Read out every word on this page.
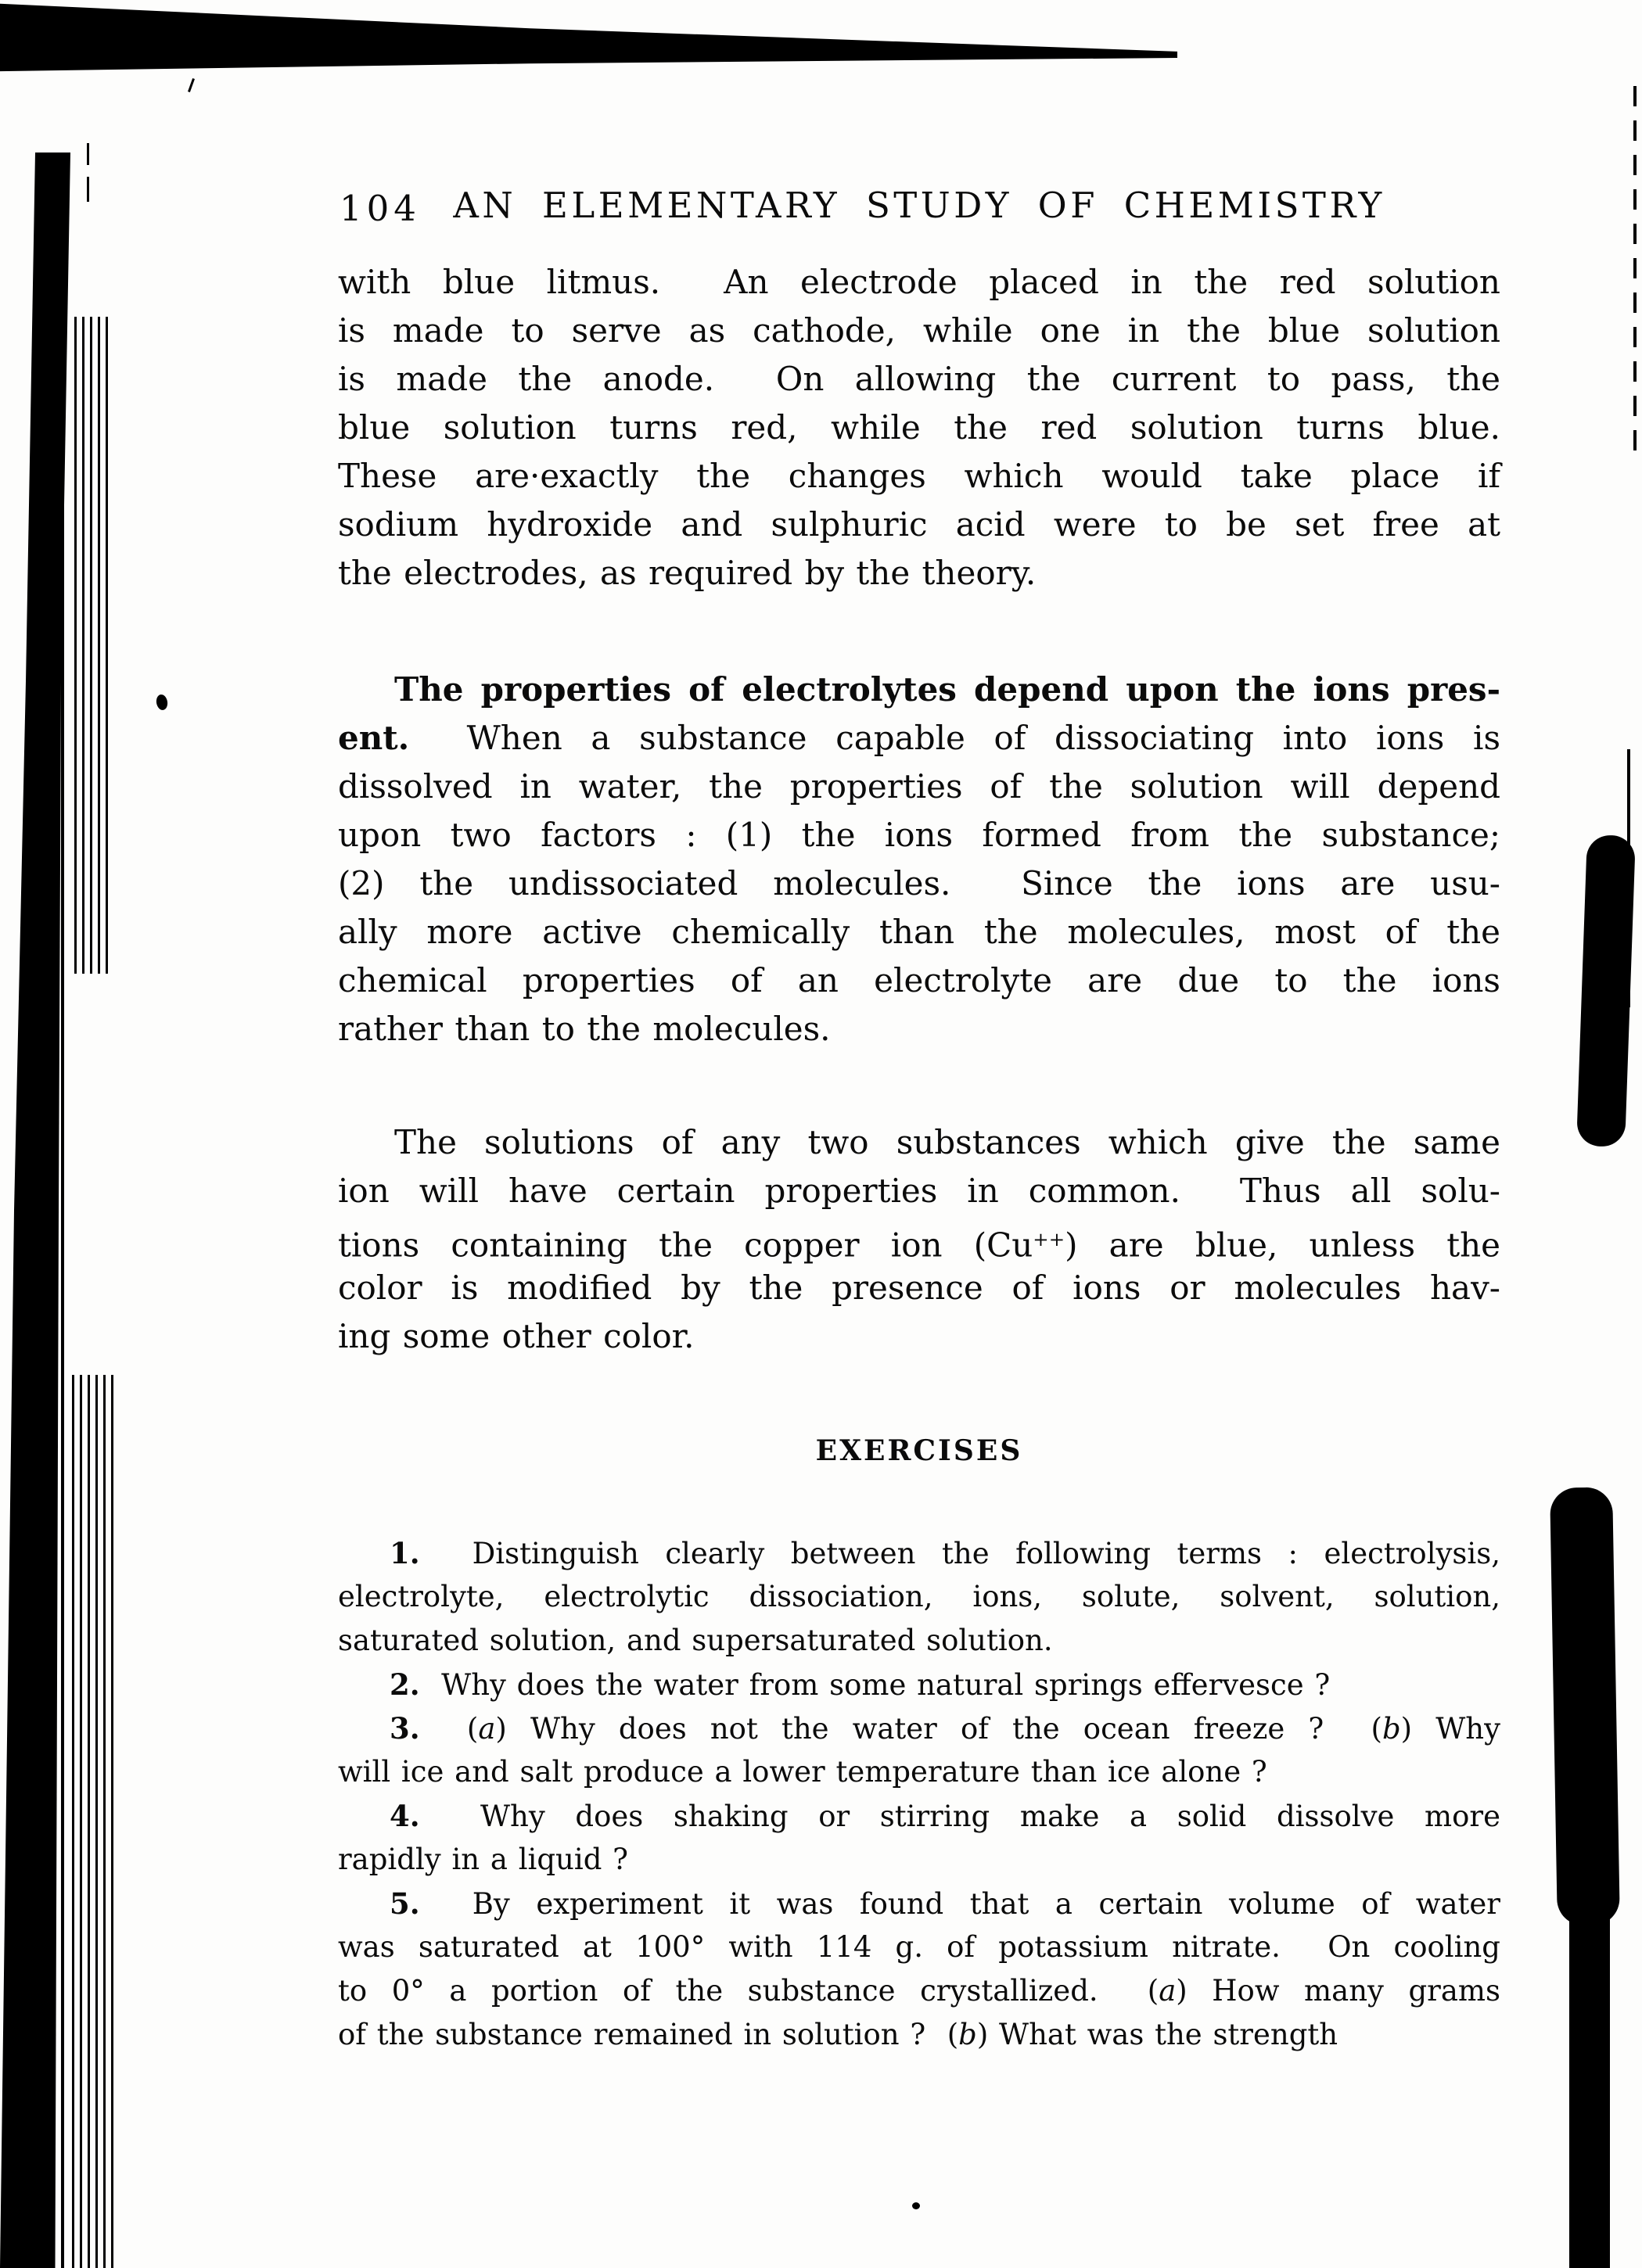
104 AN ELEMENTARY STUDY OF CHEMISTRY
with blue litmus.  An electrode placed in the red solution
is made to serve as cathode, while one in the blue solution
is made the anode.  On allowing the current to pass, the
blue solution turns red, while the red solution turns blue.
These are·exactly the changes which would take place if
sodium hydroxide and sulphuric acid were to be set free at
the electrodes, as required by the theory.
The properties of electrolytes depend upon the ions pres-
ent.  When a substance capable of dissociating into ions is
dissolved in water, the properties of the solution will depend
upon two factors : (1) the ions formed from the substance;
(2) the undissociated molecules.  Since the ions are usu-
ally more active chemically than the molecules, most of the
chemical properties of an electrolyte are due to the ions
rather than to the molecules.
The solutions of any two substances which give the same
ion will have certain properties in common.  Thus all solu-
tions containing the copper ion (Cu++) are blue, unless the
color is modified by the presence of ions or molecules hav-
ing some other color.
EXERCISES
1.  Distinguish clearly between the following terms : electrolysis,
electrolyte, electrolytic dissociation, ions, solute, solvent, solution,
saturated solution, and supersaturated solution.
2.  Why does the water from some natural springs effervesce ?
3.  (a) Why does not the water of the ocean freeze ?  (b) Why
will ice and salt produce a lower temperature than ice alone ?
4.  Why does shaking or stirring make a solid dissolve more
rapidly in a liquid ?
5.  By experiment it was found that a certain volume of water
was saturated at 100° with 114 g. of potassium nitrate.  On cooling
to 0° a portion of the substance crystallized.  (a) How many grams
of the substance remained in solution ?  (b) What was the strength
